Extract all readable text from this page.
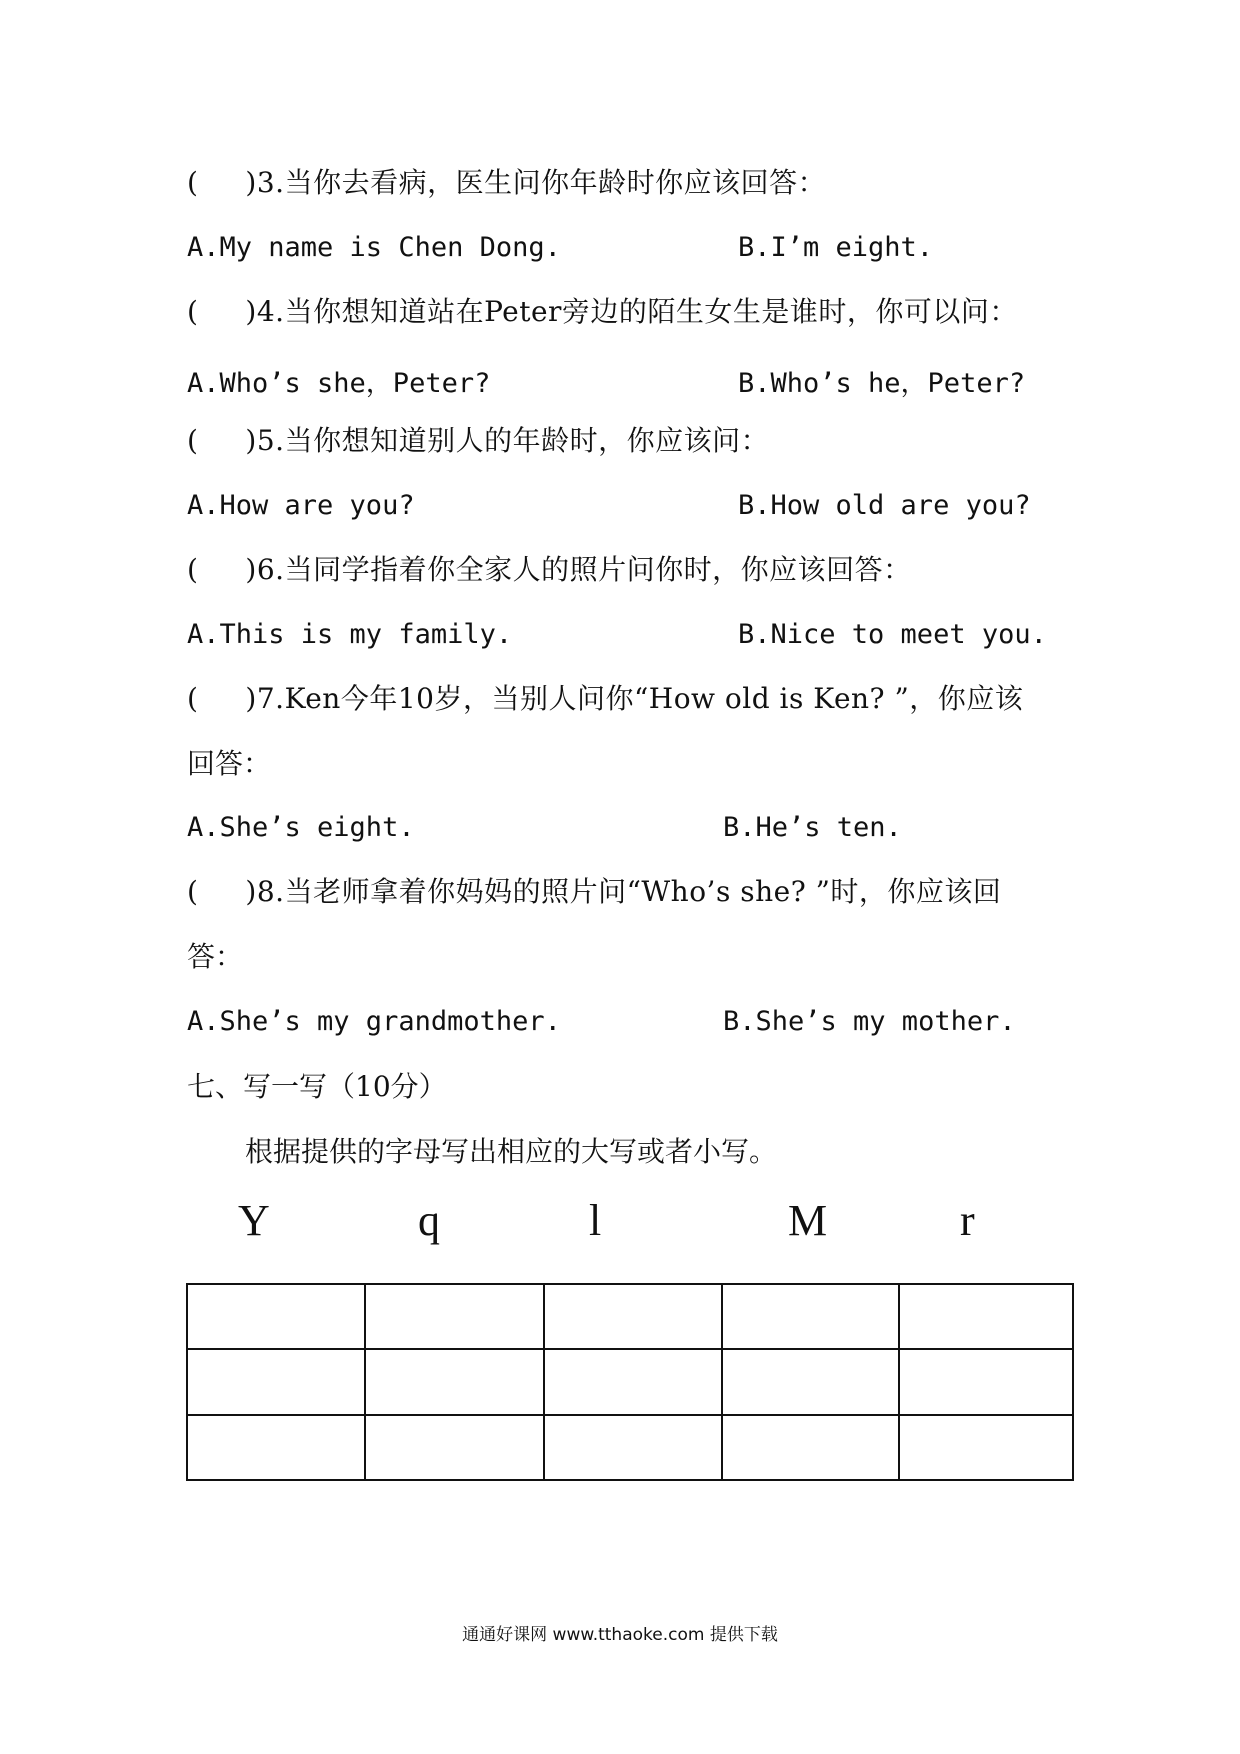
(     )3.当你去看病，医生问你年龄时你应该回答：
A.My name is Chen Dong.	B.I’m eight.
(     )4.当你想知道站在Peter旁边的陌生女生是谁时，你可以问：
A.Who’s she，Peter?	B.Who’s he，Peter?
(     )5.当你想知道别人的年龄时，你应该问：
A.How are you?	B.How old are you?
(     )6.当同学指着你全家人的照片问你时，你应该回答：
A.This is my family.	B.Nice to meet you.
(     )7.Ken今年10岁，当别人问你“How old is Ken? ”，你应该
回答：
A.She’s eight.	B.He’s ten.
(     )8.当老师拿着你妈妈的照片问“Who’s she? ”时，你应该回
答：
A.She’s my grandmother.	B.She’s my mother.
七、写一写（10分）
根据提供的字母写出相应的大写或者小写。
Y	q	l	M	r

通通好课网 www.tthaoke.com 提供下载
